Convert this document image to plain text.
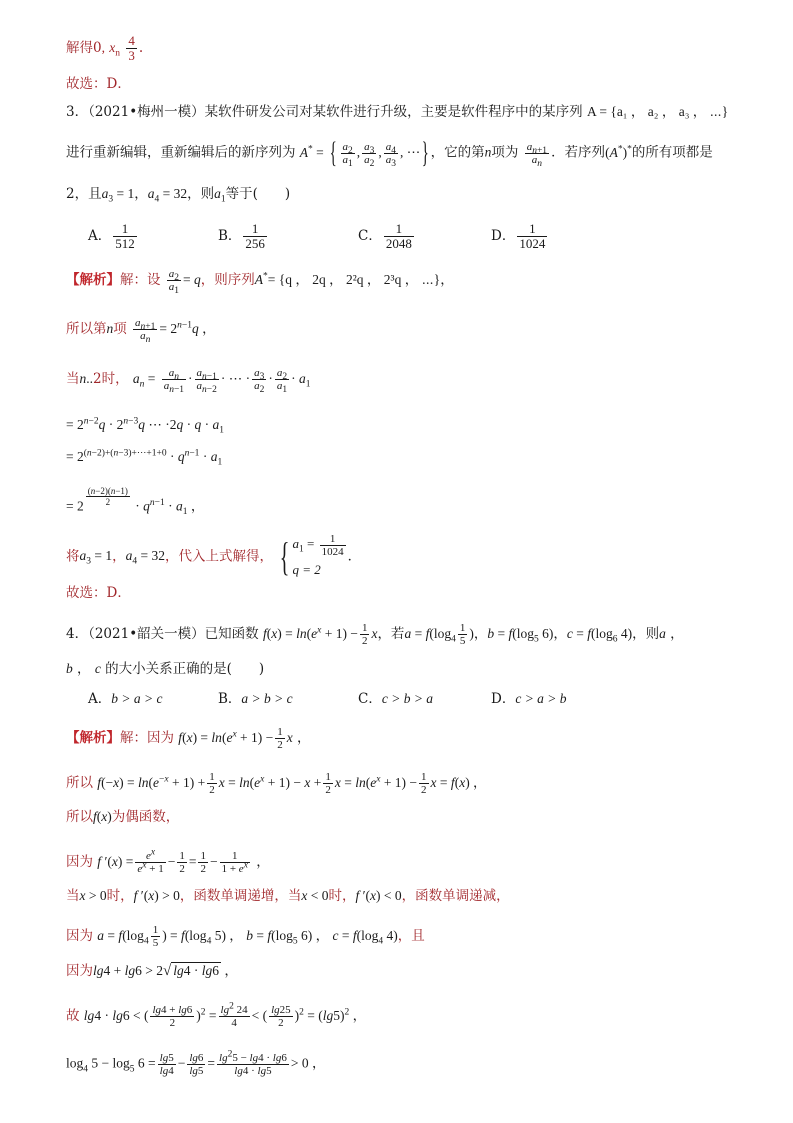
解得0, $x_n \frac{4}{3}$ .
故选：D．
3．（2021•梅州一模）某软件研发公司对某软件进行升级，主要是软件程序中的某序列 A = {a₁ ， a₂ ， a₃ ， ⋯}
进行重新编辑，重新编辑后的新序列为 A* = { $\frac{a_2}{a_1}$ , $\frac{a_3}{a_2}$ , $\frac{a_4}{a_3}$ , ⋯} ，它的第n项为 $\frac{a_{n+1}}{a_n}$ ．若序列(A*)*的所有项都是
2，且$a_3 = 1$，$a_4 = 32$，则$a_1$等于(　　)
A． $\frac{1}{512}$	B． $\frac{1}{256}$	C． $\frac{1}{2048}$	D． $\frac{1}{1024}$
【解析】解：设 $\frac{a_2}{a_1} = q$，则序列A*= {q ， 2q ， 2²q ， 2³q ， ⋯}，
所以第n项 $\frac{a_{n+1}}{a_n} = 2^{n-1}q$ ，
当n..2时， $a_n = \frac{a_n}{a_{n-1}} \cdot \frac{a_{n-1}}{a_{n-2}}$ · ⋯ · $\frac{a_3}{a_2} \cdot \frac{a_2}{a_1} \cdot a_1$
= $2^{n-2}q \cdot 2^{n-3}q$ ⋯ $\cdot 2q \cdot q \cdot a_1$
= $2^{(n-2)+(n-3)+\cdots+1+0} \cdot q^{n-1} \cdot a_1$
= 2 $^{\frac{(n-2)(n-1)}{2}} \cdot q^{n-1} \cdot a_1$ ，
将$a_3 = 1$，$a_4 = 32$，代入上式解得， { $a_1 = \frac{1}{1024}$
q = 2
．
故选：D．
4．（2021•韶关一模）已知函数 $f(x) = \ln(e^x + 1) - \frac{1}{2}$ x，若$a = f(\log_4 \frac{1}{5}$ )，$b = f(\log_5$ 6)，$c = f(\log_6$ 4)，则a ，
b ， c 的大小关系正确的是(　　)
A．b > a > c	B．a > b > c	C．c > b > a	D．c > a > b
【解析】解：因为 $f(x) = \ln(e^x + 1) - \frac{1}{2}$ x ，
所以 $f(-x) = \ln(e^{-x} + 1) + \frac{1}{2}$ $x = \ln(e^x + 1) - x + \frac{1}{2}$ $x = \ln(e^x + 1) - \frac{1}{2}$ x = f(x) ，
所以f(x)为偶函数，
因为 f $'(x) = \frac{e^x}{e^x + 1} - \frac{1}{2} = \frac{1}{2} - \frac{1}{1 + e^x}$ ，
当x > 0时，f ′(x) > 0，函数单调递增，当x < 0时，f ′(x) < 0，函数单调递减，
因为 $a = f(\log_4 \frac{1}{5}$ ) = $f(\log_4$ 5) ， $b = f(\log_5$ 6) ， $c = f(\log_4$ 4)，且
因为lg4 + lg6 > 2√ lg4 · lg6 ，
故 lg4 · lg6 < ( $\frac{\lg 4 + \lg 6}{2} )^2 = \frac{\lg^2 24}{4}$ < ( $\frac{\lg 25}{2} )^2 = (\lg 5)^2$ ，
$\log_4 5 - \log_5 6 = \frac{\lg 5}{\lg 4} - \frac{\lg 6}{\lg 5} = \frac{\lg^25 - \lg 4 \cdot \lg 6}{\lg 4 \cdot \lg 5} > 0$ ，
